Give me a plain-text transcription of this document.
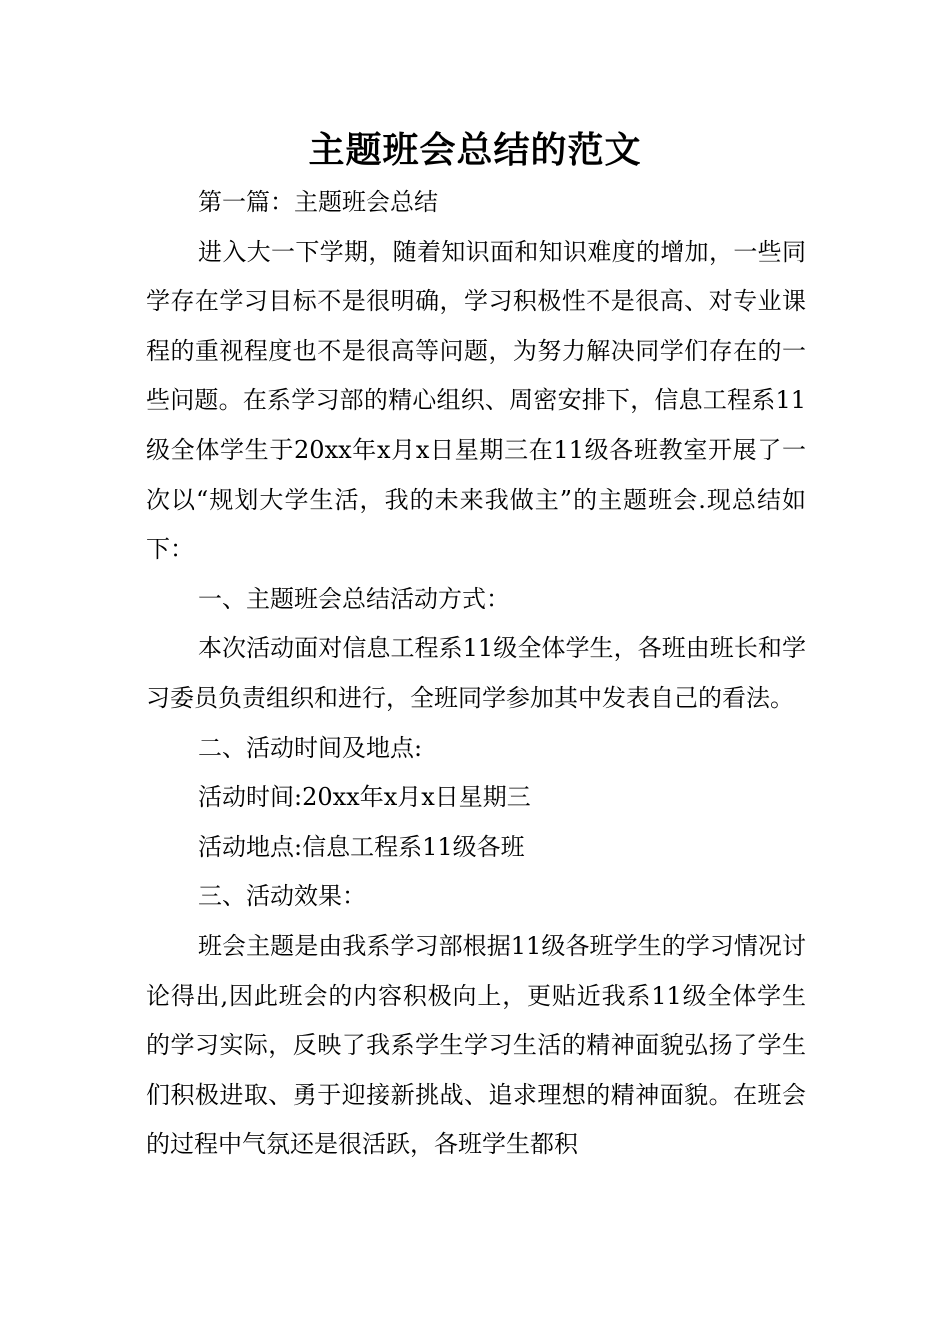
主题班会总结的范文

第一篇：主题班会总结

进入大一下学期，随着知识面和知识难度的增加，一些同学存在学习目标不是很明确，学习积极性不是很高、对专业课程的重视程度也不是很高等问题，为努力解决同学们存在的一些问题。在系学习部的精心组织、周密安排下，信息工程系11级全体学生于20xx年x月x日星期三在11级各班教室开展了一次以“规划大学生活，我的未来我做主”的主题班会.现总结如下：

一、主题班会总结活动方式：

本次活动面对信息工程系11级全体学生，各班由班长和学习委员负责组织和进行，全班同学参加其中发表自己的看法。

二、活动时间及地点:

活动时间:20xx年x月x日星期三

活动地点:信息工程系11级各班

三、活动效果：

班会主题是由我系学习部根据11级各班学生的学习情况讨论得出,因此班会的内容积极向上，更贴近我系11级全体学生的学习实际，反映了我系学生学习生活的精神面貌弘扬了学生们积极进取、勇于迎接新挑战、追求理想的精神面貌。在班会的过程中气氛还是很活跃，各班学生都积
